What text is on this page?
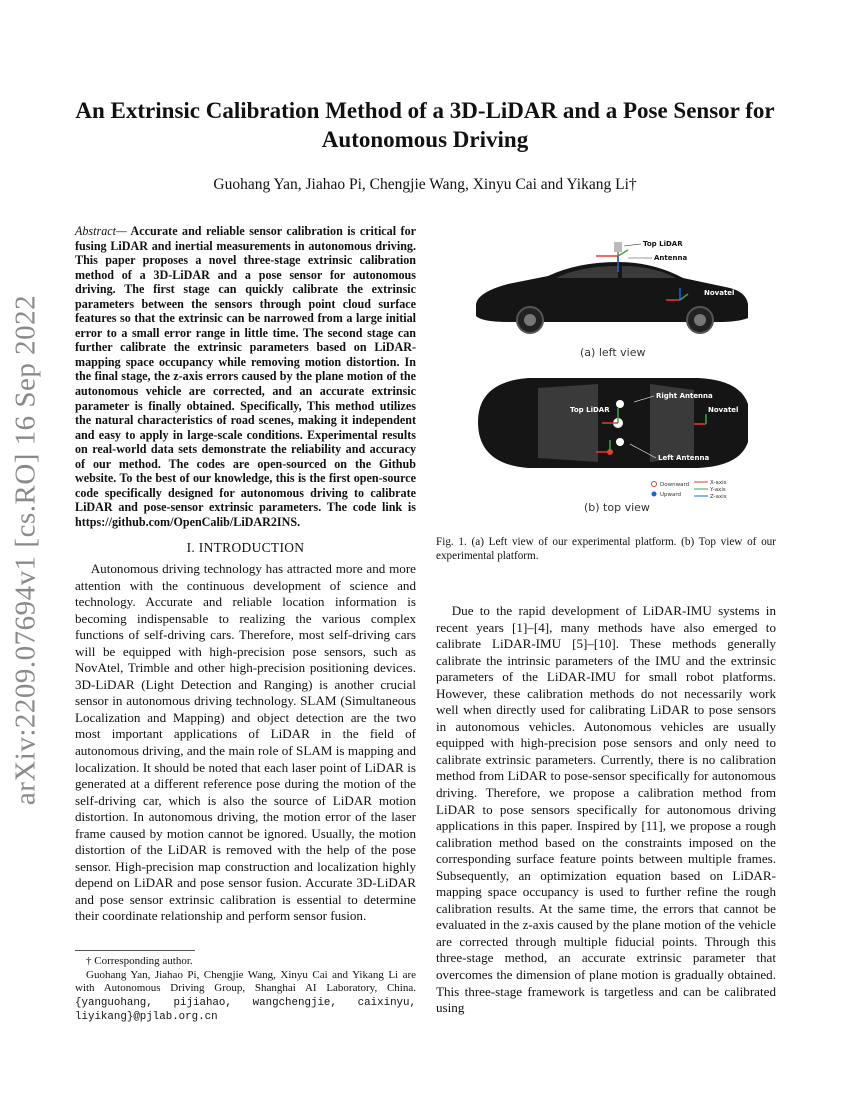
arXiv:2209.07694v1 [cs.RO] 16 Sep 2022
An Extrinsic Calibration Method of a 3D-LiDAR and a Pose Sensor for Autonomous Driving
Guohang Yan, Jiahao Pi, Chengjie Wang, Xinyu Cai and Yikang Li†
Abstract— Accurate and reliable sensor calibration is critical for fusing LiDAR and inertial measurements in autonomous driving. This paper proposes a novel three-stage extrinsic calibration method of a 3D-LiDAR and a pose sensor for autonomous driving. The first stage can quickly calibrate the extrinsic parameters between the sensors through point cloud surface features so that the extrinsic can be narrowed from a large initial error to a small error range in little time. The second stage can further calibrate the extrinsic parameters based on LiDAR-mapping space occupancy while removing motion distortion. In the final stage, the z-axis errors caused by the plane motion of the autonomous vehicle are corrected, and an accurate extrinsic parameter is finally obtained. Specifically, This method utilizes the natural characteristics of road scenes, making it independent and easy to apply in large-scale conditions. Experimental results on real-world data sets demonstrate the reliability and accuracy of our method. The codes are open-sourced on the Github website. To the best of our knowledge, this is the first open-source code specifically designed for autonomous driving to calibrate LiDAR and pose-sensor extrinsic parameters. The code link is https://github.com/OpenCalib/LiDAR2INS.
I. INTRODUCTION

Autonomous driving technology has attracted more and more attention with the continuous development of science and technology. Accurate and reliable location information is becoming indispensable to realizing the various complex functions of self-driving cars. Therefore, most self-driving cars will be equipped with high-precision pose sensors, such as NovAtel, Trimble and other high-precision positioning devices. 3D-LiDAR (Light Detection and Ranging) is another crucial sensor in autonomous driving technology. SLAM (Simultaneous Localization and Mapping) and object detection are the two most important applications of LiDAR in the field of autonomous driving, and the main role of SLAM is mapping and localization. It should be noted that each laser point of LiDAR is generated at a different reference pose during the motion of the self-driving car, which is also the source of LiDAR motion distortion. In autonomous driving, the motion error of the laser frame caused by motion cannot be ignored. Usually, the motion distortion of the LiDAR is removed with the help of the pose sensor. High-precision map construction and localization highly depend on LiDAR and pose sensor fusion. Accurate 3D-LiDAR and pose sensor extrinsic calibration is essential to determine their coordinate relationship and perform sensor fusion.

† Corresponding author.

Guohang Yan, Jiahao Pi, Chengjie Wang, Xinyu Cai and Yikang Li are with Autonomous Driving Group, Shanghai AI Laboratory, China. {yanguohang, pijiahao, wangchengjie, caixinyu, liyikang}@pjlab.org.cn

Top LiDAR
Antenna
Novatel
(a) left view
Top LiDAR
Right Antenna
Left Antenna
Novatel
Downward
Upward
X-axis
Y-axis
Z-axis
(b) top view
Fig. 1. (a) Left view of our experimental platform. (b) Top view of our experimental platform.

Due to the rapid development of LiDAR-IMU systems in recent years [1]–[4], many methods have also emerged to calibrate LiDAR-IMU [5]–[10]. These methods generally calibrate the intrinsic parameters of the IMU and the extrinsic parameters of the LiDAR-IMU for small robot platforms. However, these calibration methods do not necessarily work well when directly used for calibrating LiDAR to pose sensors in autonomous vehicles. Autonomous vehicles are usually equipped with high-precision pose sensors and only need to calibrate extrinsic parameters. Currently, there is no calibration method from LiDAR to pose-sensor specifically for autonomous driving. Therefore, we propose a calibration method from LiDAR to pose sensors specifically for autonomous driving applications in this paper. Inspired by [11], we propose a rough calibration method based on the constraints imposed on the corresponding surface feature points between multiple frames. Subsequently, an optimization equation based on LiDAR-mapping space occupancy is used to further refine the rough calibration results. At the same time, the errors that cannot be evaluated in the z-axis caused by the plane motion of the vehicle are corrected through multiple fiducial points. Through this three-stage method, an accurate extrinsic parameter that overcomes the dimension of plane motion is gradually obtained. This three-stage framework is targetless and can be calibrated using
